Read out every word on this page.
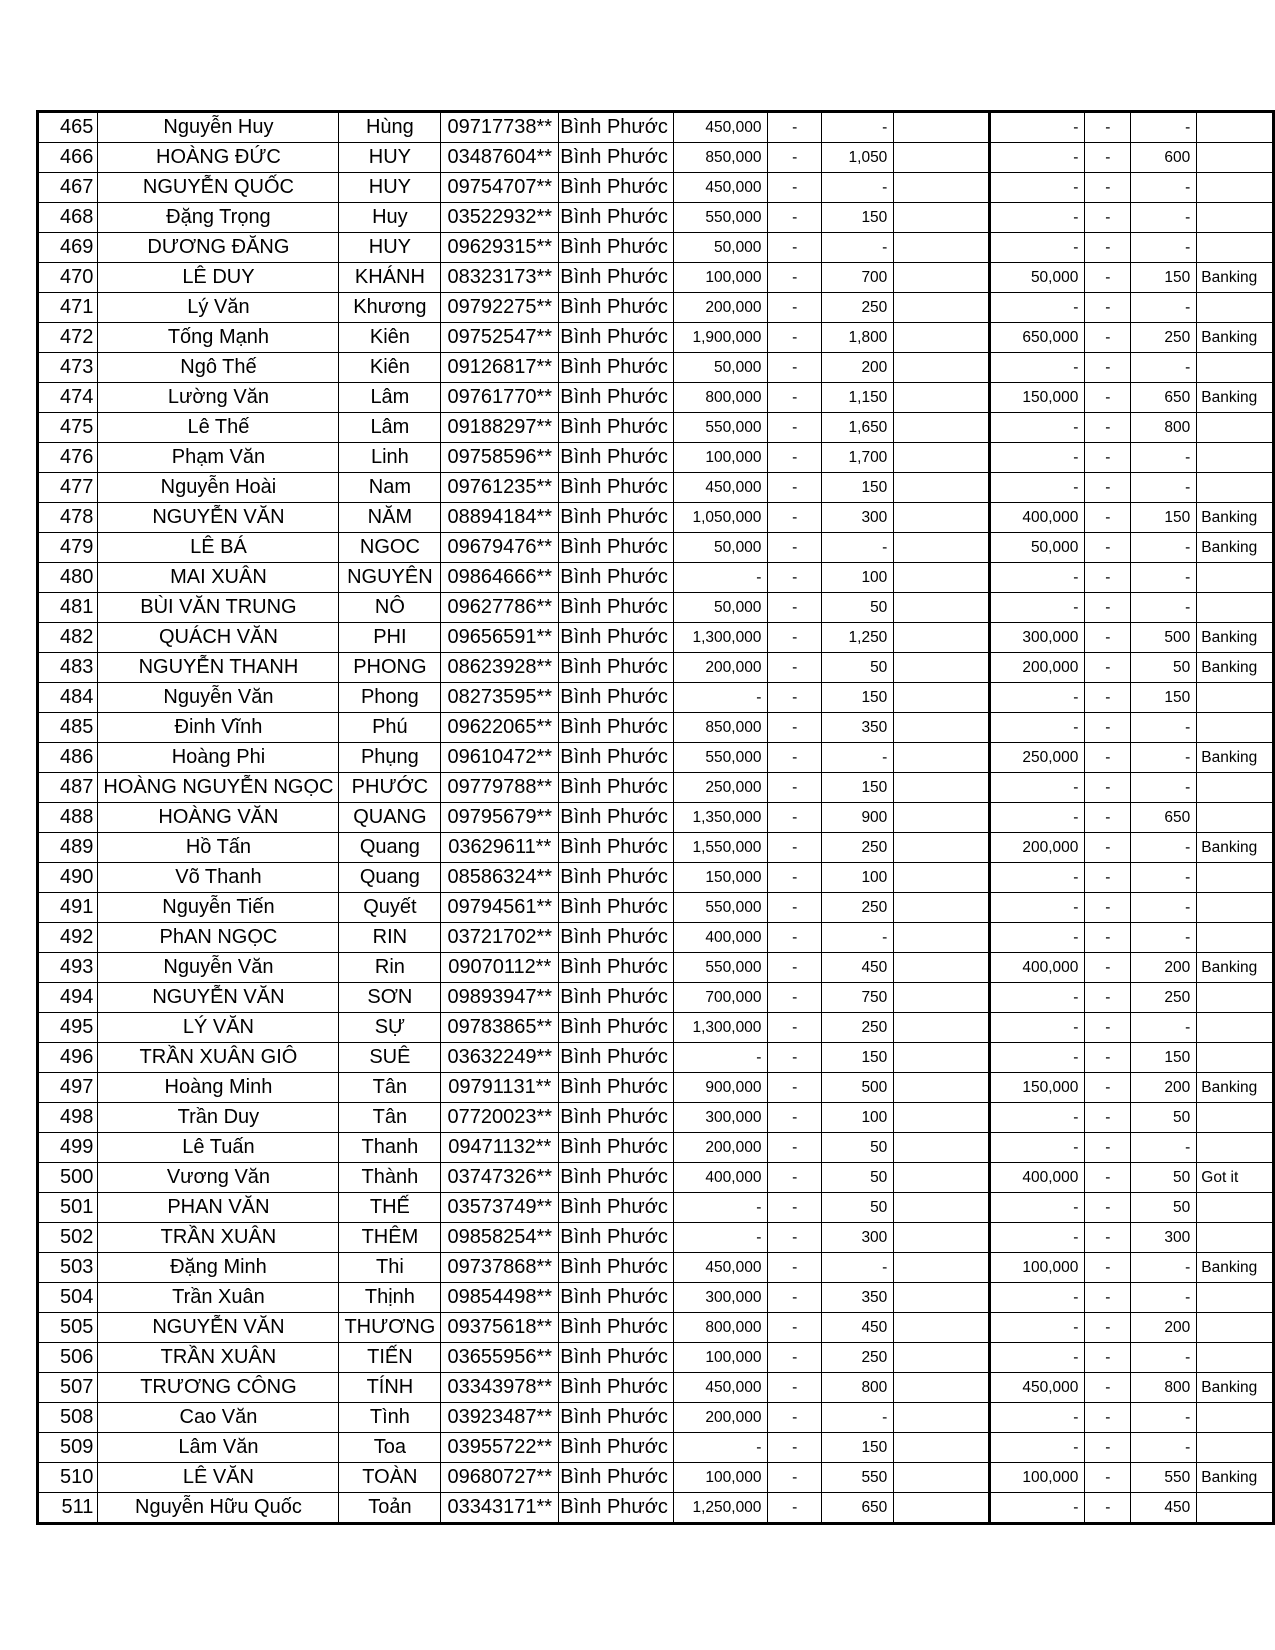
465	Nguyễn Huy	Hùng	09717738**	Bình Phước	450,000	-	-		-	-	-	
466	HOÀNG ĐỨC	HUY	03487604**	Bình Phước	850,000	-	1,050		-	-	600	
467	NGUYỄN QUỐC	HUY	09754707**	Bình Phước	450,000	-	-		-	-	-	
468	Đặng Trọng	Huy	03522932**	Bình Phước	550,000	-	150		-	-	-	
469	DƯƠNG ĐĂNG	HUY	09629315**	Bình Phước	50,000	-	-		-	-	-	
470	LÊ DUY	KHÁNH	08323173**	Bình Phước	100,000	-	700		50,000	-	150	Banking
471	Lý Văn	Khương	09792275**	Bình Phước	200,000	-	250		-	-	-	
472	Tống Mạnh	Kiên	09752547**	Bình Phước	1,900,000	-	1,800		650,000	-	250	Banking
473	Ngô Thế	Kiên	09126817**	Bình Phước	50,000	-	200		-	-	-	
474	Lường Văn	Lâm	09761770**	Bình Phước	800,000	-	1,150		150,000	-	650	Banking
475	Lê Thế	Lâm	09188297**	Bình Phước	550,000	-	1,650		-	-	800	
476	Phạm Văn	Linh	09758596**	Bình Phước	100,000	-	1,700		-	-	-	
477	Nguyễn Hoài	Nam	09761235**	Bình Phước	450,000	-	150		-	-	-	
478	NGUYỄN VĂN	NĂM	08894184**	Bình Phước	1,050,000	-	300		400,000	-	150	Banking
479	LÊ BÁ	NGOC	09679476**	Bình Phước	50,000	-	-		50,000	-	-	Banking
480	MAI XUÂN	NGUYÊN	09864666**	Bình Phước	-	-	100		-	-	-	
481	BÙI VĂN TRUNG	NÔ	09627786**	Bình Phước	50,000	-	50		-	-	-	
482	QUÁCH VĂN	PHI	09656591**	Bình Phước	1,300,000	-	1,250		300,000	-	500	Banking
483	NGUYỄN THANH	PHONG	08623928**	Bình Phước	200,000	-	50		200,000	-	50	Banking
484	Nguyễn Văn	Phong	08273595**	Bình Phước	-	-	150		-	-	150	
485	Đinh Vĩnh	Phú	09622065**	Bình Phước	850,000	-	350		-	-	-	
486	Hoàng Phi	Phụng	09610472**	Bình Phước	550,000	-	-		250,000	-	-	Banking
487	HOÀNG NGUYỄN NGỌC	PHƯỚC	09779788**	Bình Phước	250,000	-	150		-	-	-	
488	HOÀNG VĂN	QUANG	09795679**	Bình Phước	1,350,000	-	900		-	-	650	
489	Hồ Tấn	Quang	03629611**	Bình Phước	1,550,000	-	250		200,000	-	-	Banking
490	Võ Thanh	Quang	08586324**	Bình Phước	150,000	-	100		-	-	-	
491	Nguyễn Tiến	Quyết	09794561**	Bình Phước	550,000	-	250		-	-	-	
492	PhAN NGỌC	RIN	03721702**	Bình Phước	400,000	-	-		-	-	-	
493	Nguyễn Văn	Rin	09070112**	Bình Phước	550,000	-	450		400,000	-	200	Banking
494	NGUYỄN VĂN	SƠN	09893947**	Bình Phước	700,000	-	750		-	-	250	
495	LÝ VĂN	SỰ	09783865**	Bình Phước	1,300,000	-	250		-	-	-	
496	TRẦN XUÂN GIÔ	SUÊ	03632249**	Bình Phước	-	-	150		-	-	150	
497	Hoàng Minh	Tân	09791131**	Bình Phước	900,000	-	500		150,000	-	200	Banking
498	Trần Duy	Tân	07720023**	Bình Phước	300,000	-	100		-	-	50	
499	Lê Tuấn	Thanh	09471132**	Bình Phước	200,000	-	50		-	-	-	
500	Vương Văn	Thành	03747326**	Bình Phước	400,000	-	50		400,000	-	50	Got it
501	PHAN VĂN	THẾ	03573749**	Bình Phước	-	-	50		-	-	50	
502	TRẦN XUÂN	THÊM	09858254**	Bình Phước	-	-	300		-	-	300	
503	Đặng Minh	Thi	09737868**	Bình Phước	450,000	-	-		100,000	-	-	Banking
504	Trần Xuân	Thịnh	09854498**	Bình Phước	300,000	-	350		-	-	-	
505	NGUYỄN VĂN	THƯƠNG	09375618**	Bình Phước	800,000	-	450		-	-	200	
506	TRẦN XUÂN	TIẾN	03655956**	Bình Phước	100,000	-	250		-	-	-	
507	TRƯƠNG CÔNG	TÍNH	03343978**	Bình Phước	450,000	-	800		450,000	-	800	Banking
508	Cao Văn	Tình	03923487**	Bình Phước	200,000	-	-		-	-	-	
509	Lâm Văn	Toa	03955722**	Bình Phước	-	-	150		-	-	-	
510	LÊ VĂN	TOÀN	09680727**	Bình Phước	100,000	-	550		100,000	-	550	Banking
511	Nguyễn Hữu Quốc	Toản	03343171**	Bình Phước	1,250,000	-	650		-	-	450	
